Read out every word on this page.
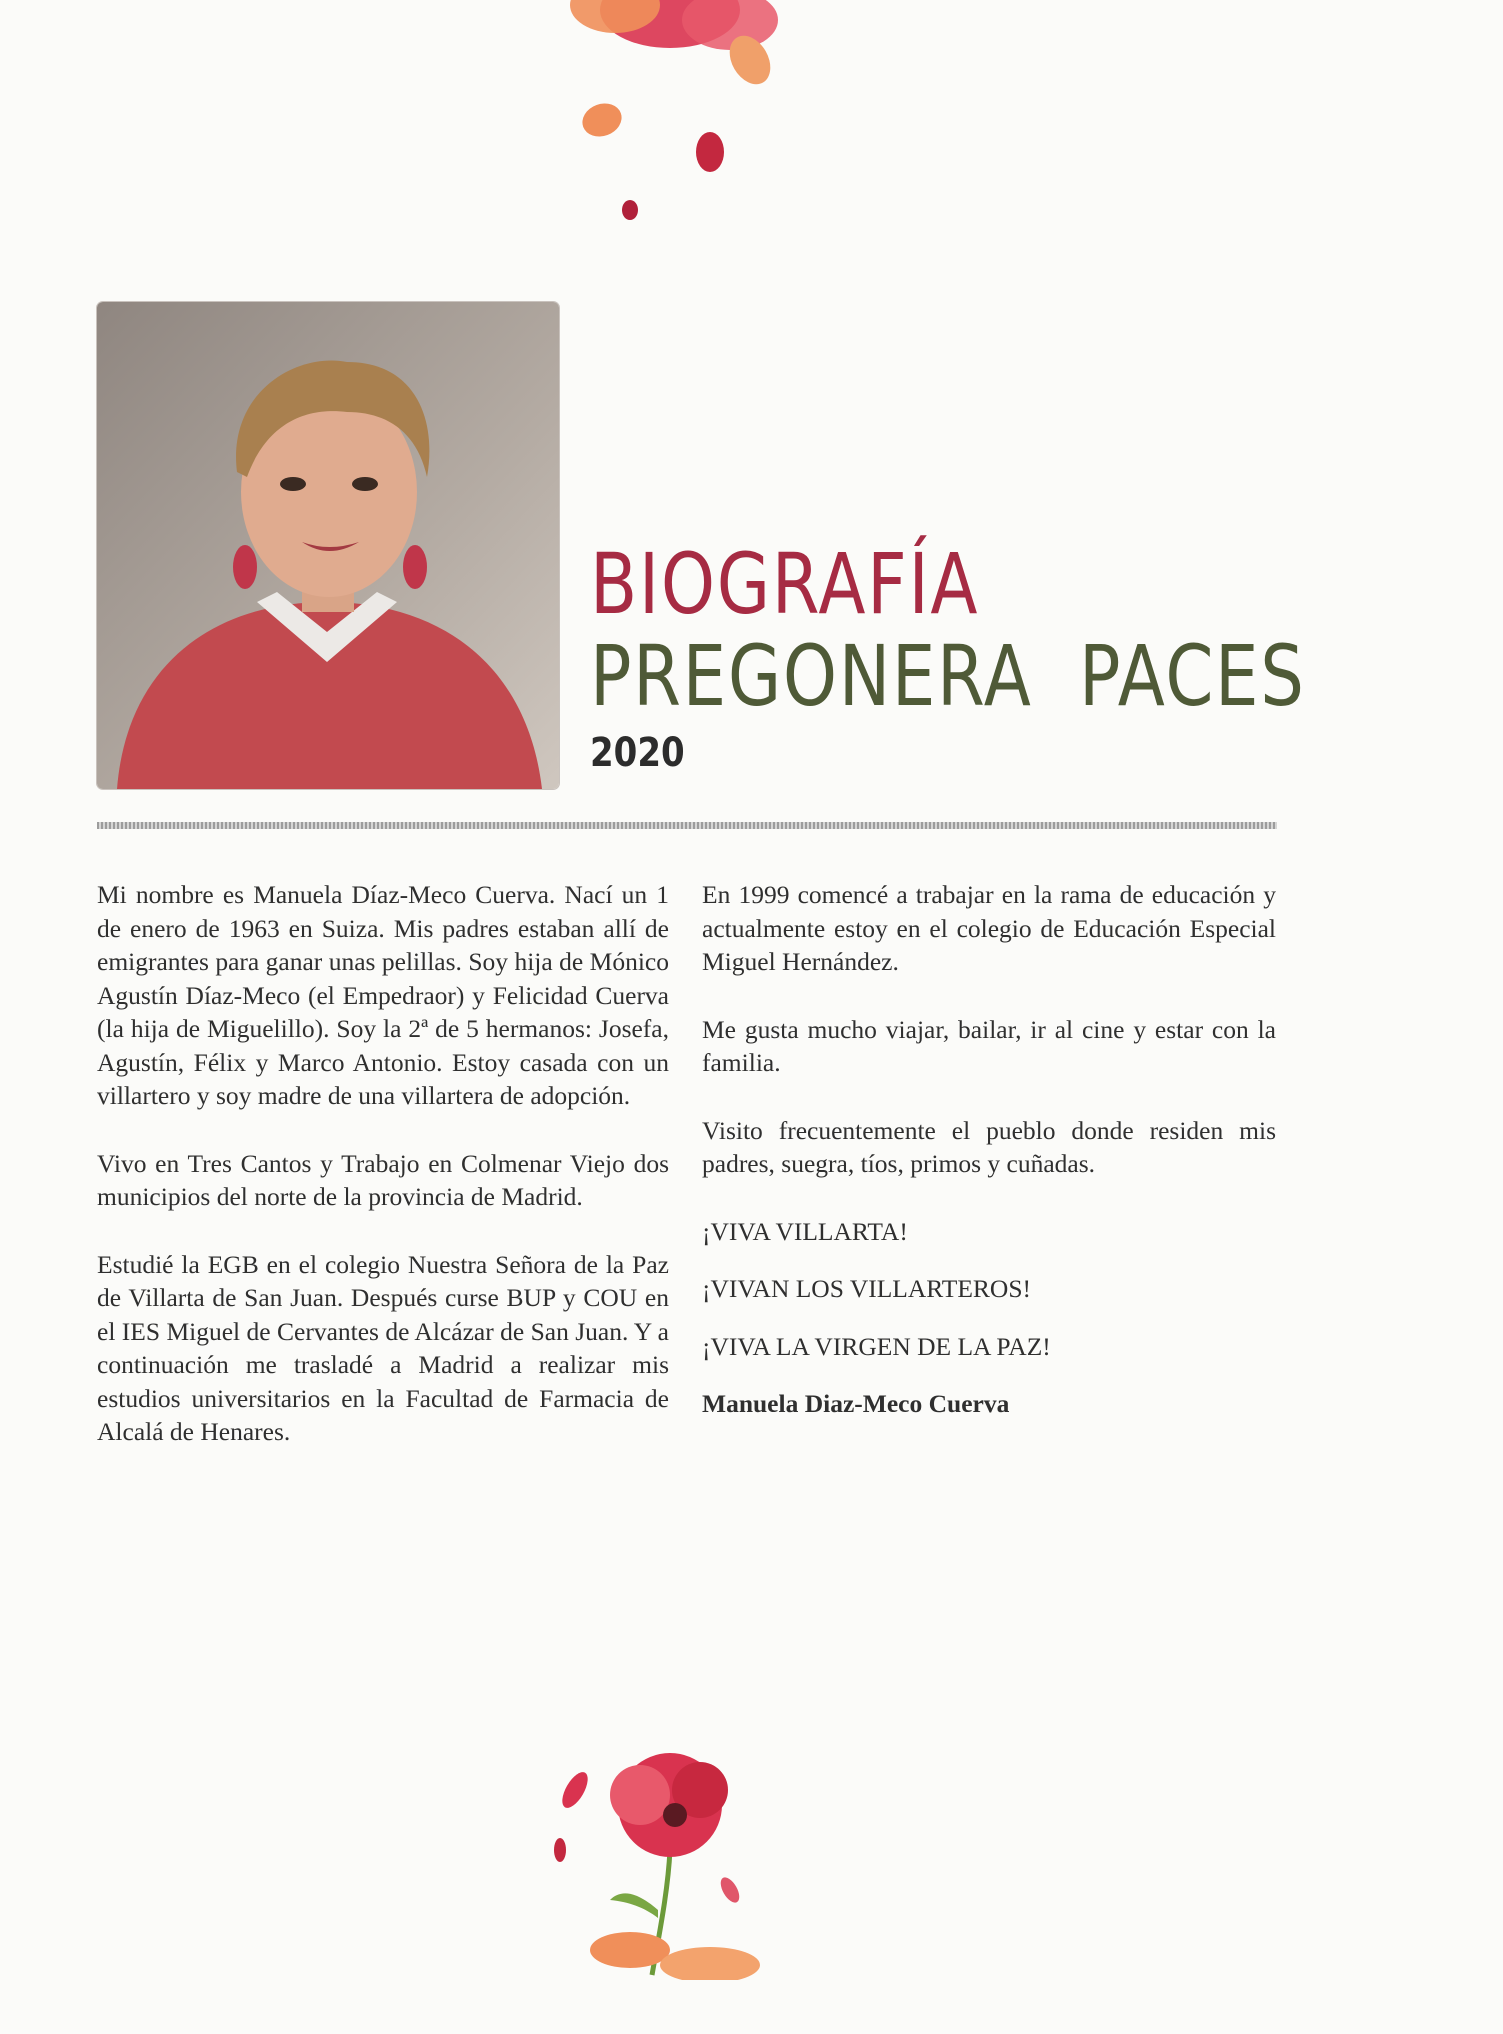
BIOGRAFÍA
PREGONERA PACES
2020

Mi nombre es Manuela Díaz-Meco Cuerva. Nací un 1 de enero de 1963 en Suiza. Mis padres estaban allí de emigrantes para ganar unas pelillas. Soy hija de Mónico Agustín Díaz-Meco (el Empedraor) y Felicidad Cuerva (la hija de Miguelillo). Soy la 2ª de 5 hermanos: Josefa, Agustín, Félix y Marco Antonio. Estoy casada con un villartero y soy madre de una villartera de adopción.

Vivo en Tres Cantos y Trabajo en Colmenar Viejo dos municipios del norte de la provincia de Madrid.

Estudié la EGB en el colegio Nuestra Señora de la Paz de Villarta de San Juan. Después curse BUP y COU en el IES Miguel de Cervantes de Alcázar de San Juan. Y a continuación me trasladé a Madrid a realizar mis estudios universitarios en la Facultad de Farmacia de Alcalá de Henares.

En 1999 comencé a trabajar en la rama de educación y actualmente estoy en el colegio de Educación Especial Miguel Hernández.

Me gusta mucho viajar, bailar, ir al cine y estar con la familia.

Visito frecuentemente el pueblo donde residen mis padres, suegra, tíos, primos y cuñadas.

¡VIVA VILLARTA!

¡VIVAN LOS VILLARTEROS!

¡VIVA LA VIRGEN DE LA PAZ!

Manuela Diaz-Meco Cuerva
